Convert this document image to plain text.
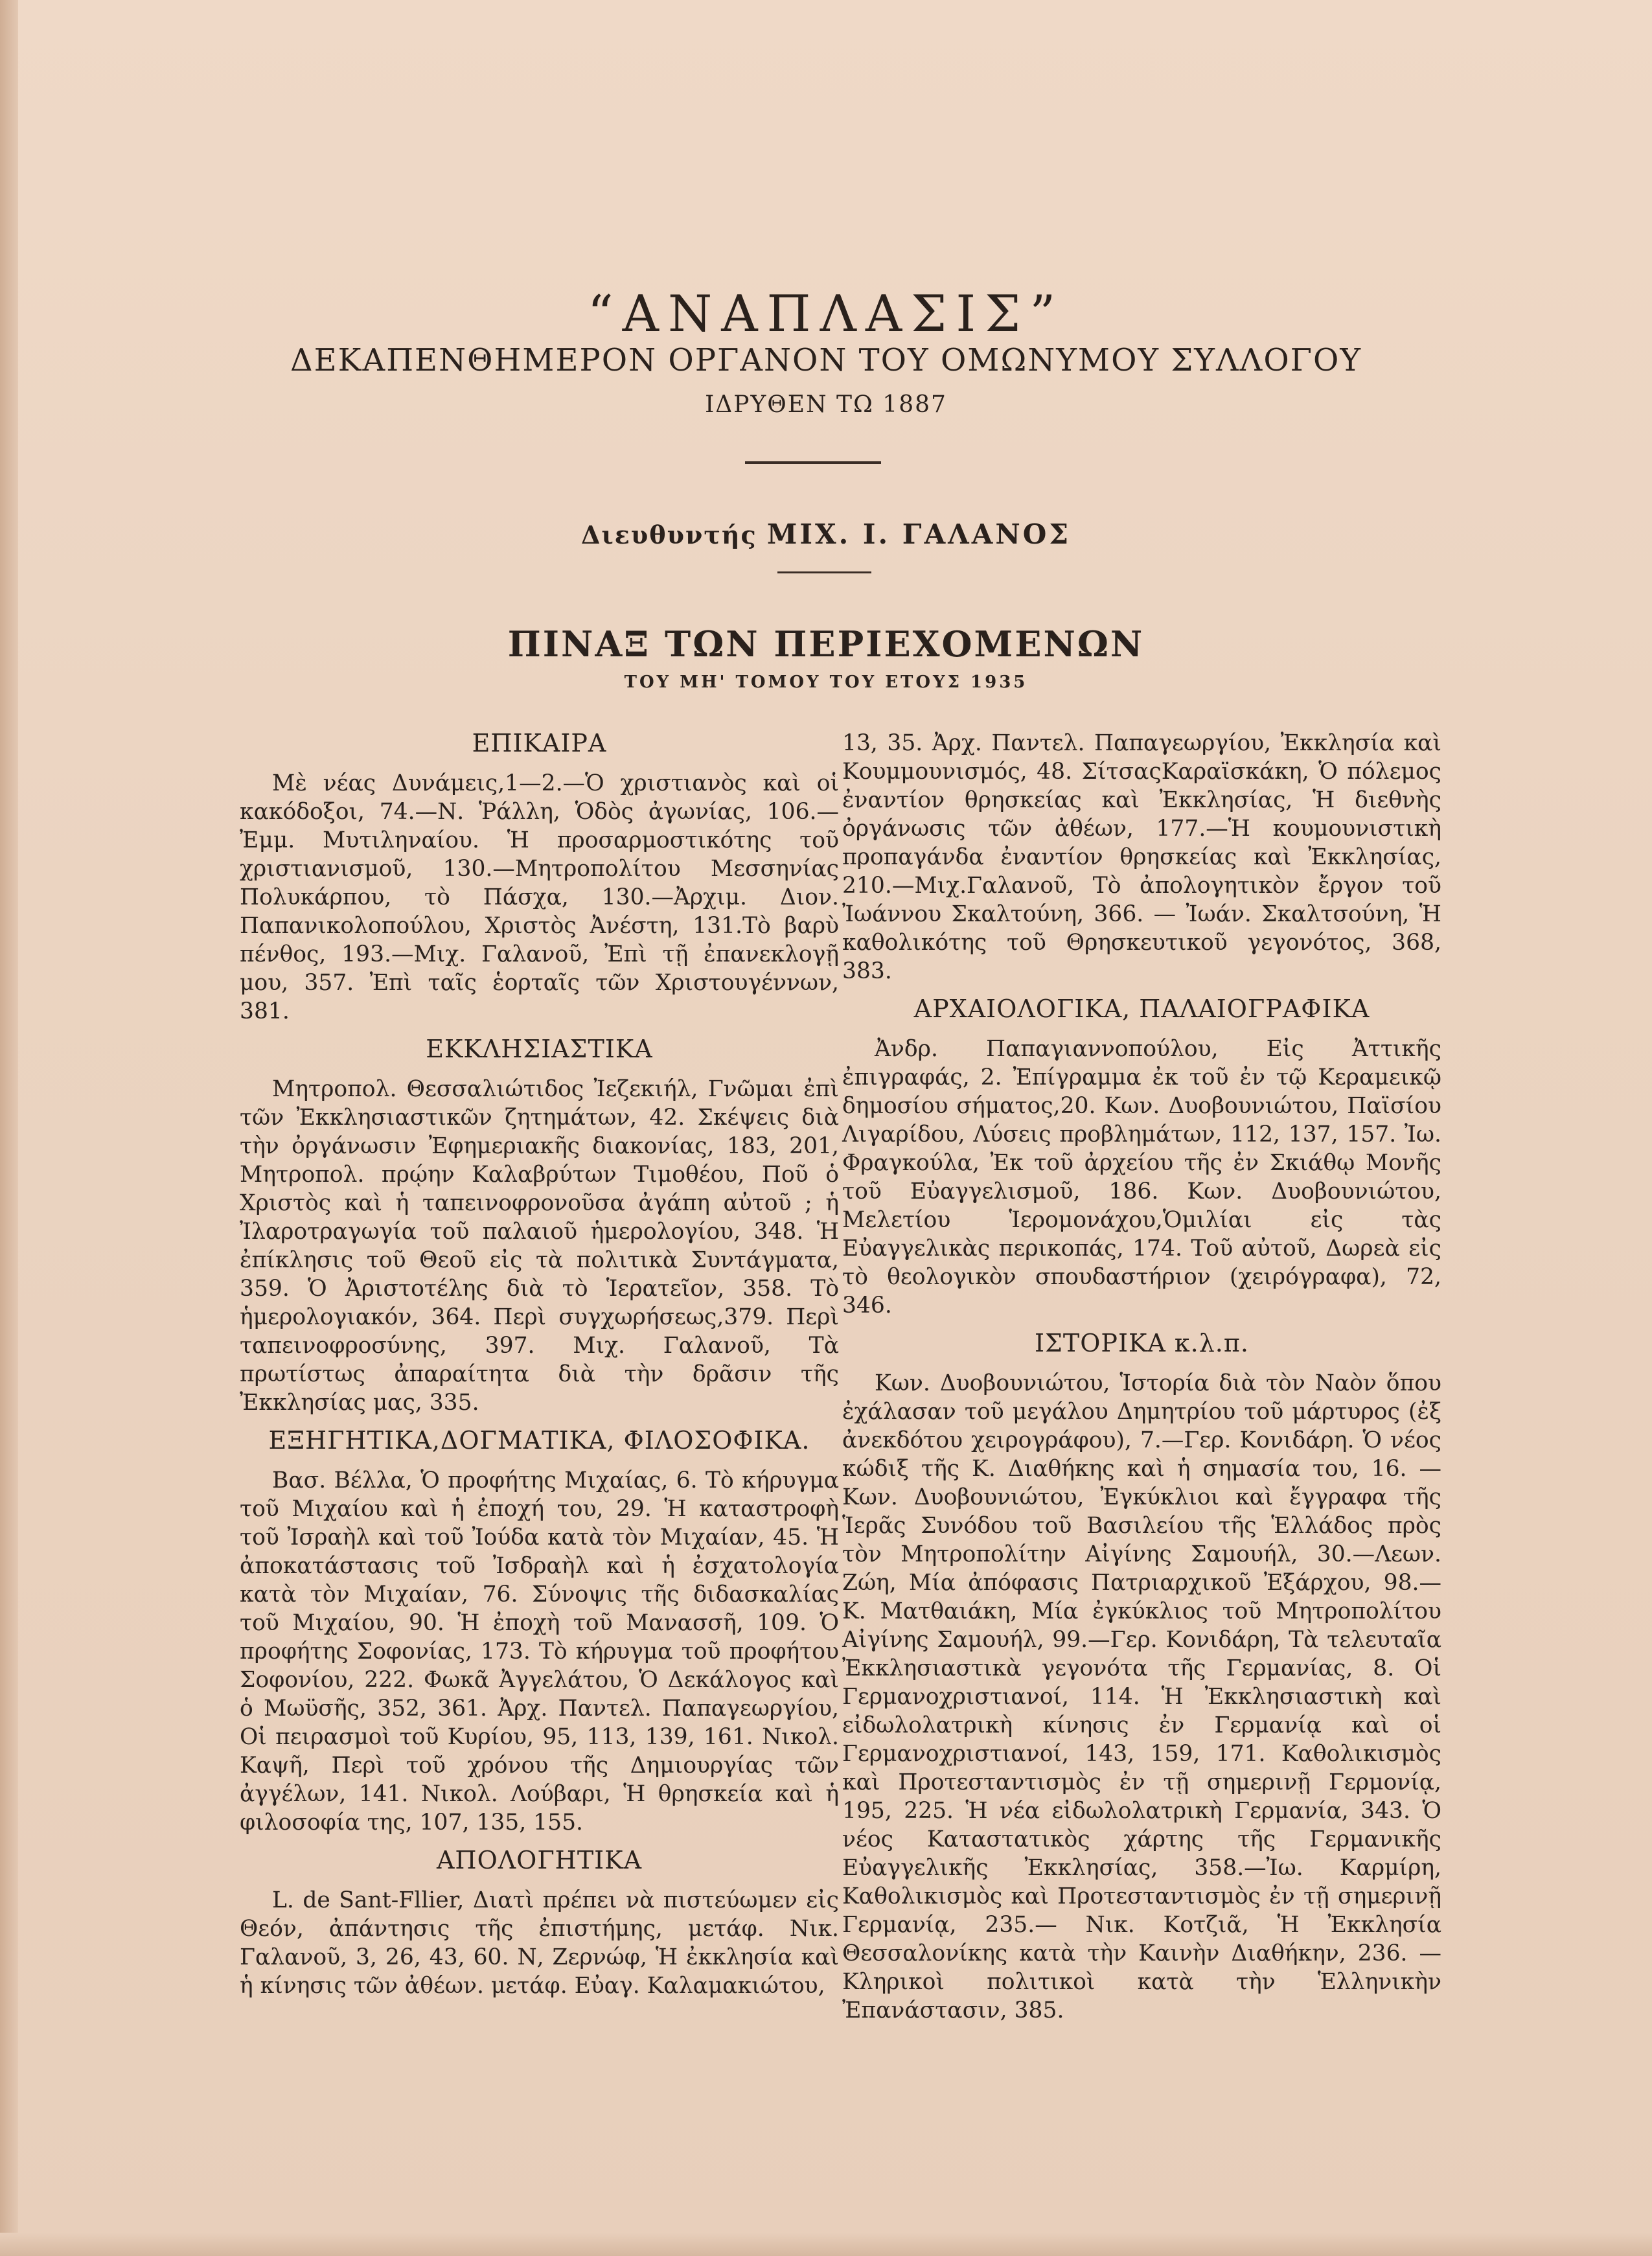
“ΑΝΑΠΛΑΣΙΣ”
ΔΕΚΑΠΕΝΘΗΜΕΡΟΝ ΟΡΓΑΝΟΝ ΤΟΥ ΟΜΩΝΥΜΟΥ ΣΥΛΛΟΓΟΥ
ΙΔΡΥΘΕΝ ΤΩ 1887
Διευθυντής ΜΙΧ. Ι. ΓΑΛΑΝΟΣ
ΠΙΝΑΞ ΤΩΝ ΠΕΡΙΕΧΟΜΕΝΩΝ
ΤΟΥ ΜΗ' ΤΟΜΟΥ ΤΟΥ ΕΤΟΥΣ 1935
ΕΠΙΚΑΙΡΑ

Μὲ νέας Δυνάμεις,1—2.—Ὁ χριστιανὸς καὶ οἱ κακόδοξοι, 74.—Ν. Ῥάλλη, Ὁδὸς ἀγωνίας, 106.—Ἐμμ. Μυτιληναίου. Ἡ προσαρμοστικότης τοῦ χριστιανισμοῦ, 130.—Μητροπολίτου Μεσσηνίας Πολυκάρπου, τὸ Πάσχα, 130.—Ἀρχιμ. Διον. Παπανικολοπούλου, Χριστὸς Ἀνέστη, 131.Τὸ βαρὺ πένθος, 193.—Μιχ. Γαλανοῦ, Ἐπὶ τῇ ἐπανεκλογῇ μου, 357. Ἐπὶ ταῖς ἑορταῖς τῶν Χριστουγέννων, 381.

ΕΚΚΛΗΣΙΑΣΤΙΚΑ

Μητροπολ. Θεσσαλιώτιδος Ἰεζεκιήλ, Γνῶμαι ἐπὶ τῶν Ἐκκλησιαστικῶν ζητημάτων, 42. Σκέψεις διὰ τὴν ὀργάνωσιν Ἐφημεριακῆς διακονίας, 183, 201, Μητροπολ. πρῴην Καλαβρύτων Τιμοθέου, Ποῦ ὁ Χριστὸς καὶ ἡ ταπεινοφρονοῦσα ἀγάπη αὐτοῦ ; ἡ Ἰλαροτραγωγία τοῦ παλαιοῦ ἡμερολογίου, 348. Ἡ ἐπίκλησις τοῦ Θεοῦ εἰς τὰ πολιτικὰ Συντάγματα, 359. Ὁ Ἀριστοτέλης διὰ τὸ Ἱερατεῖον, 358. Τὸ ἡμερολογιακόν, 364. Περὶ συγχωρήσεως,379. Περὶ ταπεινοφροσύνης, 397. Μιχ. Γαλανοῦ, Τὰ πρωτίστως ἀπαραίτητα διὰ τὴν δρᾶσιν τῆς Ἐκκλησίας μας, 335.

ΕΞΗΓΗΤΙΚΑ,ΔΟΓΜΑΤΙΚΑ, ΦΙΛΟΣΟΦΙΚΑ.

Βασ. Βέλλα, Ὁ προφήτης Μιχαίας, 6. Τὸ κήρυγμα τοῦ Μιχαίου καὶ ἡ ἐποχή του, 29. Ἡ καταστροφὴ τοῦ Ἰσραὴλ καὶ τοῦ Ἰούδα κατὰ τὸν Μιχαίαν, 45. Ἡ ἀποκατάστασις τοῦ Ἰσδραὴλ καὶ ἡ ἐσχατολογία κατὰ τὸν Μιχαίαν, 76. Σύνοψις τῆς διδασκαλίας τοῦ Μιχαίου, 90. Ἡ ἐποχὴ τοῦ Μανασσῆ, 109. Ὁ προφήτης Σοφονίας, 173. Τὸ κήρυγμα τοῦ προφήτου Σοφονίου, 222. Φωκᾶ Ἀγγελάτου, Ὁ Δεκάλογος καὶ ὁ Μωϋσῆς, 352, 361. Ἀρχ. Παντελ. Παπαγεωργίου, Οἱ πειρασμοὶ τοῦ Κυρίου, 95, 113, 139, 161. Νικολ. Καψῆ, Περὶ τοῦ χρόνου τῆς Δημιουργίας τῶν ἀγγέλων, 141. Νικολ. Λούβαρι, Ἡ θρησκεία καὶ ἡ φιλοσοφία της, 107, 135, 155.

ΑΠΟΛΟΓΗΤΙΚΑ

L. de Sant-Fllier, Διατὶ πρέπει νὰ πιστεύωμεν εἰς Θεόν, ἀπάντησις τῆς ἐπιστήμης, μετάφ. Νικ. Γαλανοῦ, 3, 26, 43, 60. Ν, Ζερνώφ, Ἡ ἐκκλησία καὶ ἡ κίνησις τῶν ἀθέων. μετάφ. Εὐαγ. Καλαμακιώτου,

13, 35. Ἀρχ. Παντελ. Παπαγεωργίου, Ἐκκλησία καὶ Κουμμουνισμός, 48. ΣίτσαςΚαραϊσκάκη, Ὁ πόλεμος ἐναντίον θρησκείας καὶ Ἐκκλησίας, Ἡ διεθνὴς ὀργάνωσις τῶν ἀθέων, 177.—Ἡ κουμουνιστικὴ προπαγάνδα ἐναντίον θρησκείας καὶ Ἐκκλησίας, 210.—Μιχ.Γαλανοῦ, Τὸ ἀπολογητικὸν ἔργον τοῦ Ἰωάννου Σκαλτούνη, 366. — Ἰωάν. Σκαλτσούνη, Ἡ καθολικότης τοῦ Θρησκευτικοῦ γεγονότος, 368, 383.

ΑΡΧΑΙΟΛΟΓΙΚΑ, ΠΑΛΑΙΟΓΡΑΦΙΚΑ

Ἀνδρ. Παπαγιαννοπούλου, Εἰς Ἀττικῆς ἐπιγραφάς, 2. Ἐπίγραμμα ἐκ τοῦ ἐν τῷ Κεραμεικῷ δημοσίου σήματος,20. Κων. Δυοβουνιώτου, Παϊσίου Λιγαρίδου, Λύσεις προβλημάτων, 112, 137, 157. Ἰω. Φραγκούλα, Ἐκ τοῦ ἀρχείου τῆς ἐν Σκιάθῳ Μονῆς τοῦ Εὐαγγελισμοῦ, 186. Κων. Δυοβουνιώτου, Μελετίου Ἱερομονάχου,Ὁμιλίαι εἰς τὰς Εὐαγγελικὰς περικοπάς, 174. Τοῦ αὐτοῦ, Δωρεὰ εἰς τὸ θεολογικὸν σπουδαστήριον (χειρόγραφα), 72, 346.

ΙΣΤΟΡΙΚΑ κ.λ.π.

Κων. Δυοβουνιώτου, Ἱστορία διὰ τὸν Ναὸν ὅπου ἐχάλασαν τοῦ μεγάλου Δημητρίου τοῦ μάρτυρος (ἐξ ἀνεκδότου χειρογράφου), 7.—Γερ. Κονιδάρη. Ὁ νέος κώδιξ τῆς Κ. Διαθήκης καὶ ἡ σημασία του, 16. —Κων. Δυοβουνιώτου, Ἐγκύκλιοι καὶ ἔγγραφα τῆς Ἱερᾶς Συνόδου τοῦ Βασιλείου τῆς Ἑλλάδος πρὸς τὸν Μητροπολίτην Αἰγίνης Σαμουήλ, 30.—Λεων. Ζώη, Μία ἀπόφασις Πατριαρχικοῦ Ἐξάρχου, 98.— Κ. Ματθαιάκη, Μία ἐγκύκλιος τοῦ Μητροπολίτου Αἰγίνης Σαμουήλ, 99.—Γερ. Κονιδάρη, Τὰ τελευταῖα Ἐκκλησιαστικὰ γεγονότα τῆς Γερμανίας, 8. Οἱ Γερμανοχριστιανοί, 114. Ἡ Ἐκκλησιαστικὴ καὶ εἰδωλολατρικὴ κίνησις ἐν Γερμανίᾳ καὶ οἱ Γερμανοχριστιανοί, 143, 159, 171. Καθολικισμὸς καὶ Προτεσταντισμὸς ἐν τῇ σημερινῇ Γερμονίᾳ, 195, 225. Ἡ νέα εἰδωλολατρικὴ Γερμανία, 343. Ὁ νέος Καταστατικὸς χάρτης τῆς Γερμανικῆς Εὐαγγελικῆς Ἐκκλησίας, 358.—Ἰω. Καρμίρη, Καθολικισμὸς καὶ Προτεσταντισμὸς ἐν τῇ σημερινῇ Γερμανίᾳ, 235.— Νικ. Κοτζιᾶ, Ἡ Ἐκκλησία Θεσσαλονίκης κατὰ τὴν Καινὴν Διαθήκην, 236. — Κληρικοὶ πολιτικοὶ κατὰ τὴν Ἑλληνικὴν Ἐπανάστασιν, 385.
